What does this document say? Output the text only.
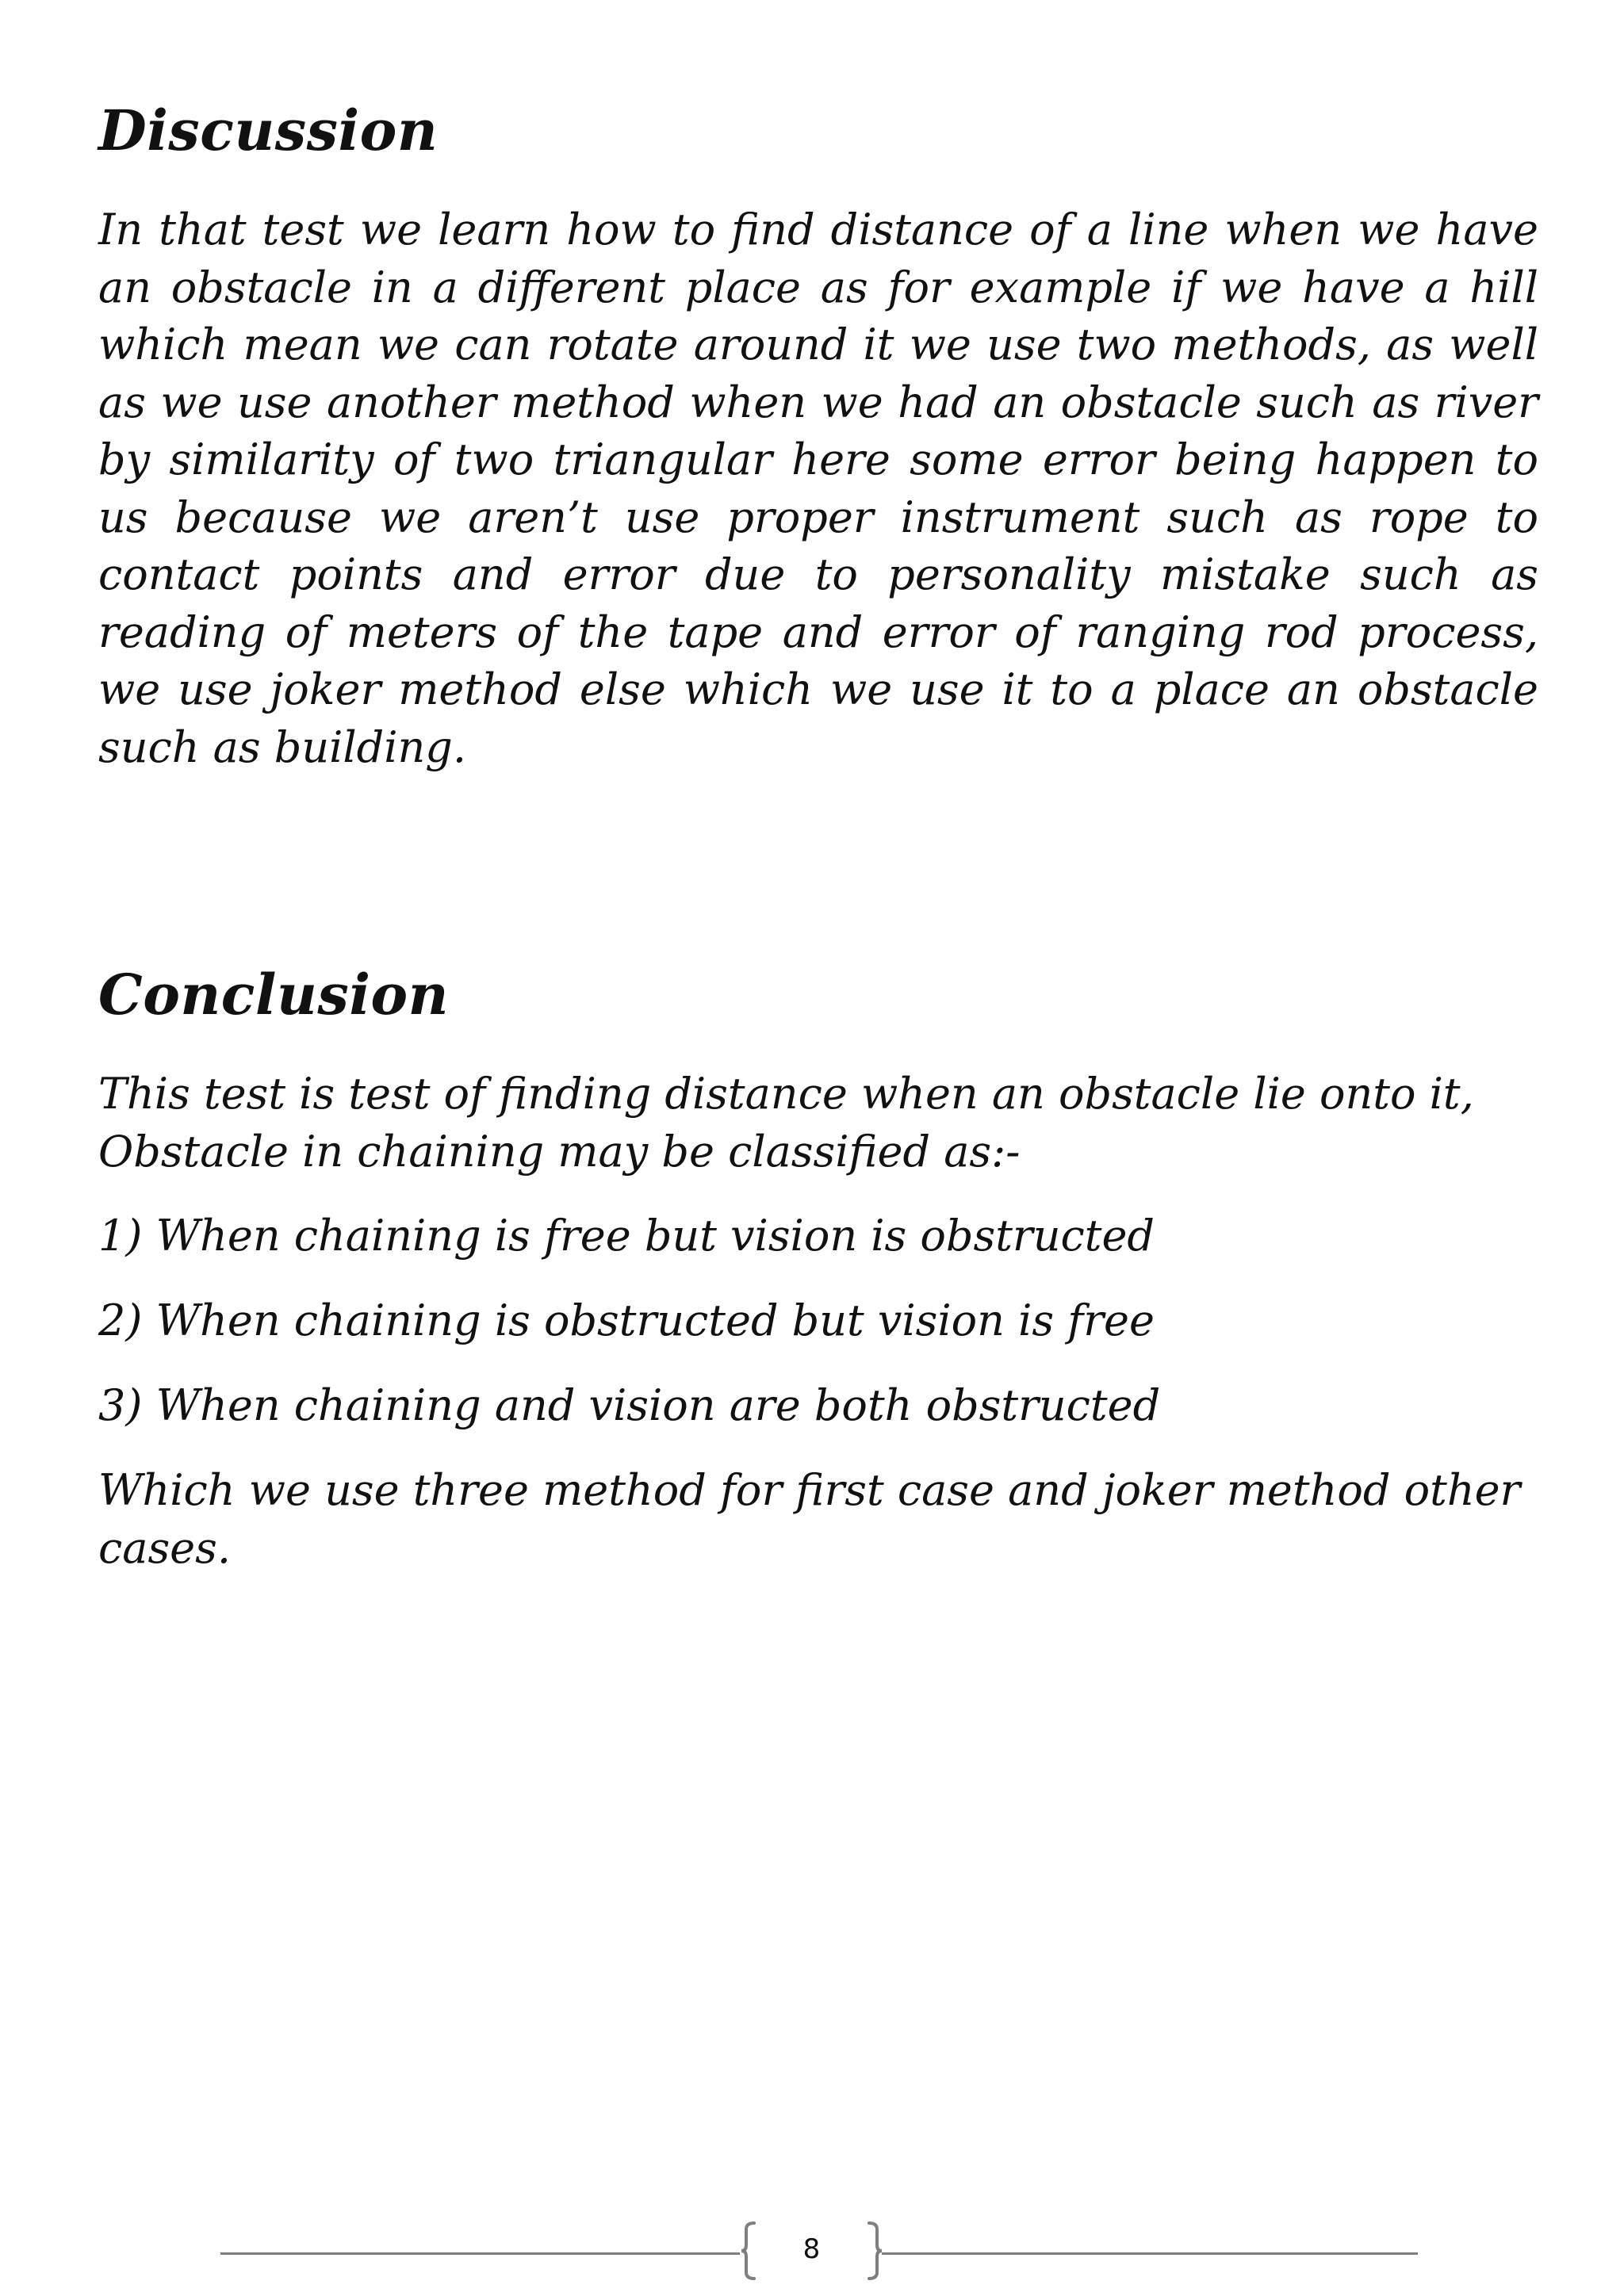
Discussion

In that test we learn how to find distance of a line when we have an obstacle in a different place as for example if we have a hill which mean we can rotate around it we use two methods, as well as we use another method when we had an obstacle such as river by similarity of two triangular here some error being happen to us because we aren’t use proper instrument such as rope to contact points and error due to personality mistake such as reading of meters of the tape and error of ranging rod process, we use joker method else which we use it to a place an obstacle such as building.

Conclusion

This test is test of finding distance when an obstacle lie onto it, Obstacle in chaining may be classified as:-

1) When chaining is free but vision is obstructed

2) When chaining is obstructed but vision is free

3) When chaining and vision are both obstructed

Which we use three method for first case and joker method other cases.

8
